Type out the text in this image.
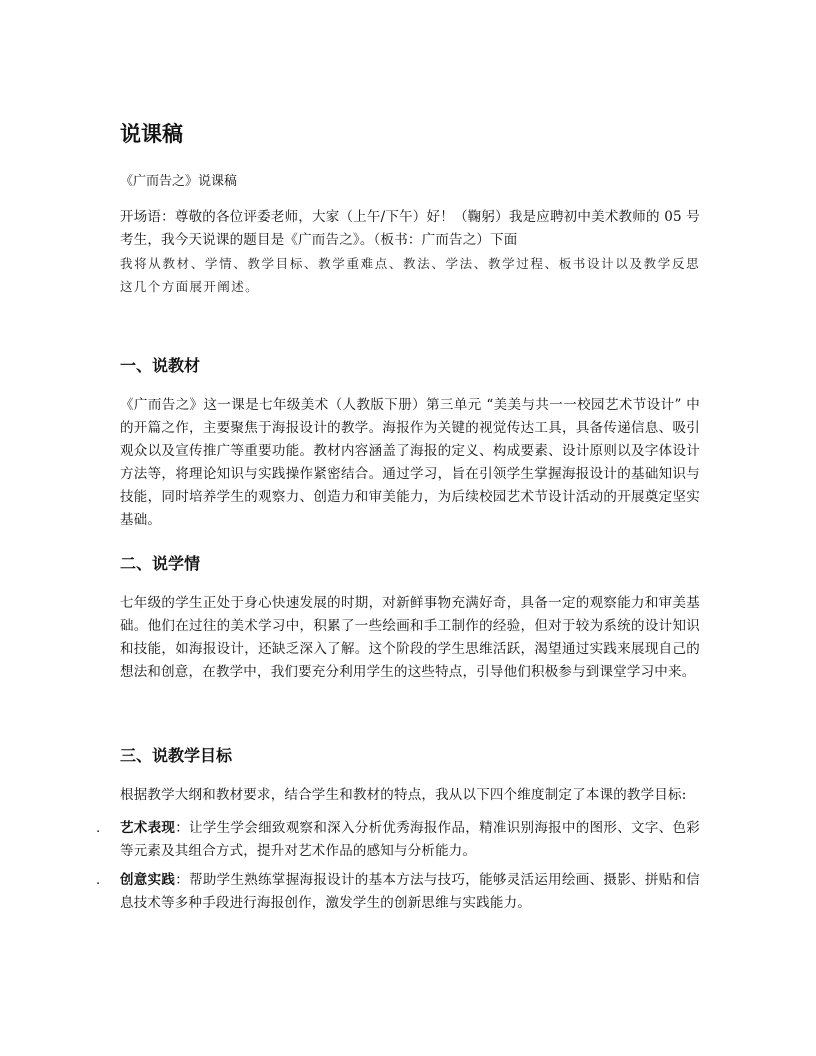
说课稿

《广而告之》说课稿

开场语：尊敬的各位评委老师，大家（上午/下午）好！（鞠躬）我是应聘初中美术教师的 05 号考生，我今天说课的题目是《广而告之》。（板书：广而告之）下面

我将从教材、学情、教学目标、教学重难点、教法、学法、教学过程、板书设计以及教学反思这几个方面展开阐述。

一、说教材

《广而告之》这一课是七年级美术（人教版下册）第三单元 “美美与共一一校园艺术节设计” 中的开篇之作，主要聚焦于海报设计的教学。海报作为关键的视觉传达工具，具备传递信息、吸引观众以及宣传推广等重要功能。教材内容涵盖了海报的定义、构成要素、设计原则以及字体设计方法等，将理论知识与实践操作紧密结合。通过学习，旨在引领学生掌握海报设计的基础知识与技能，同时培养学生的观察力、创造力和审美能力，为后续校园艺术节设计活动的开展奠定坚实基础。

二、说学情

七年级的学生正处于身心快速发展的时期，对新鲜事物充满好奇，具备一定的观察能力和审美基础。他们在过往的美术学习中，积累了一些绘画和手工制作的经验，但对于较为系统的设计知识和技能，如海报设计，还缺乏深入了解。这个阶段的学生思维活跃，渴望通过实践来展现自己的想法和创意，在教学中，我们要充分利用学生的这些特点，引导他们积极参与到课堂学习中来。

三、说教学目标

根据教学大纲和教材要求，结合学生和教材的特点，我从以下四个维度制定了本课的教学目标:

. 艺术表现：让学生学会细致观察和深入分析优秀海报作品，精准识别海报中的图形、文字、色彩等元素及其组合方式，提升对艺术作品的感知与分析能力。
. 创意实践：帮助学生熟练掌握海报设计的基本方法与技巧，能够灵活运用绘画、摄影、拼贴和信息技术等多种手段进行海报创作，激发学生的创新思维与实践能力。
